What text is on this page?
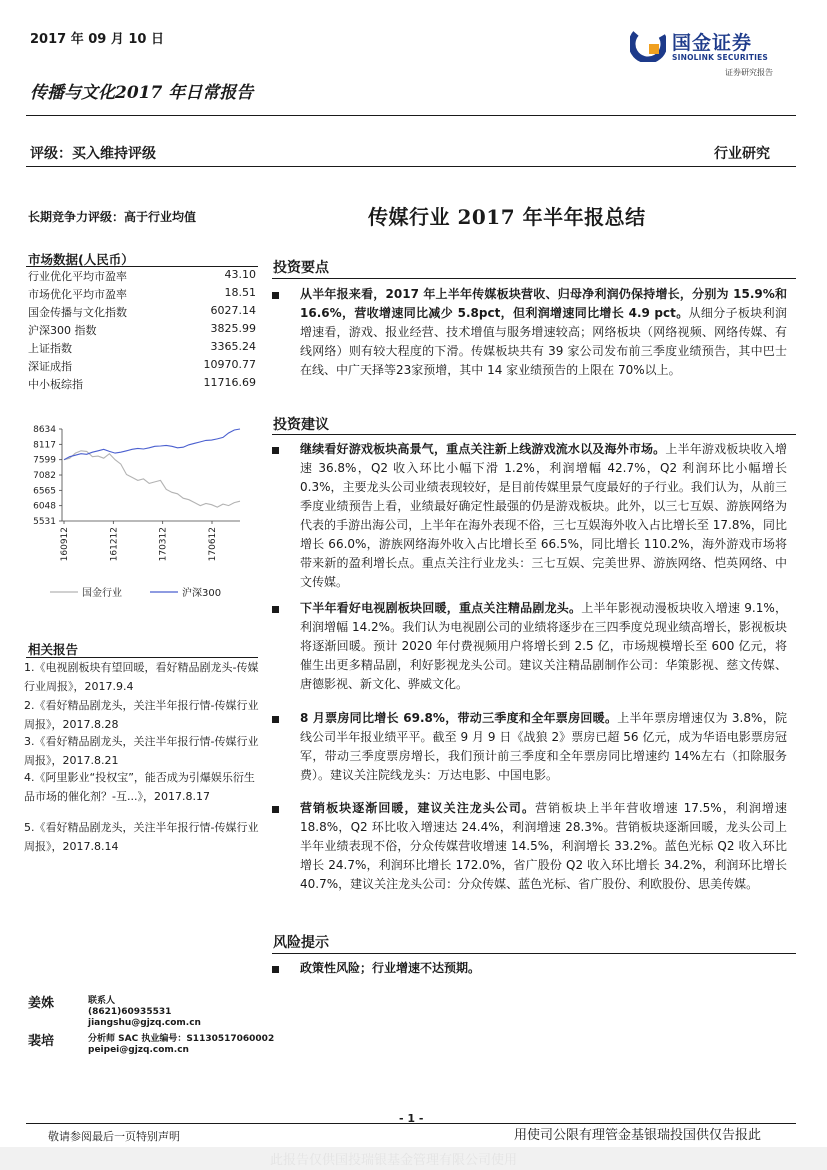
2017 年 09 月 10 日
传播与文化2017 年日常报告
国金证券
SINOLINK SECURITIES
证券研究报告
评级：买入维持评级	行业研究
长期竞争力评级：高于行业均值
市场数据(人民币）
行业优化平均市盈率	43.10
市场优化平均市盈率	18.51
国金传播与文化指数	6027.14
沪深300 指数	3825.99
上证指数	3365.24
深证成指	10970.77
中小板综指	11716.69
8634
8117
7599
7082
6565
6048
5531
160912	161212	170312	170612
国金行业	沪深300
相关报告
1.《电视剧板块有望回暖，看好精品剧龙头-传媒行业周报》，2017.9.4
2.《看好精品剧龙头，关注半年报行情-传媒行业周报》，2017.8.28
3.《看好精品剧龙头，关注半年报行情-传媒行业周报》，2017.8.21
4.《阿里影业“投权宝”，能否成为引爆娱乐衍生品市场的催化剂？-互...》，2017.8.17
5.《看好精品剧龙头，关注半年报行情-传媒行业周报》，2017.8.14
姜姝	联系人
(8621)60935531
jiangshu@gjzq.com.cn
裴培	分析师 SAC 执业编号：S1130517060002
peipei@gjzq.com.cn
传媒行业 2017 年半年报总结
投资要点
从半年报来看，2017 年上半年传媒板块营收、归母净利润仍保持增长，分别为 15.9%和 16.6%，营收增速同比减少 5.8pct，但利润增速同比增长 4.9 pct。从细分子板块利润增速看，游戏、报业经营、技术增值与服务增速较高；网络板块（网络视频、网络传媒、有线网络）则有较大程度的下滑。传媒板块共有 39 家公司发布前三季度业绩预告，其中巴士在线、中广天择等23家预增，其中 14 家业绩预告的上限在 70%以上。
投资建议
继续看好游戏板块高景气，重点关注新上线游戏流水以及海外市场。上半年游戏板块收入增速 36.8%，Q2 收入环比小幅下滑 1.2%，利润增幅 42.7%，Q2 利润环比小幅增长 0.3%，主要龙头公司业绩表现较好，是目前传媒里景气度最好的子行业。我们认为，从前三季度业绩预告上看，业绩最好确定性最强的仍是游戏板块。此外，以三七互娱、游族网络为代表的手游出海公司，上半年在海外表现不俗，三七互娱海外收入占比增长至 17.8%，同比增长 66.0%，游族网络海外收入占比增长至 66.5%，同比增长 110.2%，海外游戏市场将带来新的盈利增长点。重点关注行业龙头：三七互娱、完美世界、游族网络、恺英网络、中文传媒。
下半年看好电视剧板块回暖，重点关注精品剧龙头。上半年影视动漫板块收入增速 9.1%，利润增幅 14.2%。我们认为电视剧公司的业绩将逐步在三四季度兑现业绩高增长，影视板块将逐渐回暖。预计 2020 年付费视频用户将增长到 2.5 亿，市场规模增长至 600 亿元，将催生出更多精品剧，利好影视龙头公司。建议关注精品剧制作公司：华策影视、慈文传媒、唐德影视、新文化、骅威文化。
8 月票房同比增长 69.8%，带动三季度和全年票房回暖。上半年票房增速仅为 3.8%，院线公司半年报业绩平平。截至 9 月 9 日《战狼 2》票房已超 56 亿元，成为华语电影票房冠军，带动三季度票房增长，我们预计前三季度和全年票房同比增速约 14%左右（扣除服务费）。建议关注院线龙头：万达电影、中国电影。
营销板块逐渐回暖，建议关注龙头公司。营销板块上半年营收增速 17.5%，利润增速 18.8%，Q2 环比收入增速达 24.4%，利润增速 28.3%。营销板块逐渐回暖，龙头公司上半年业绩表现不俗，分众传媒营收增速 14.5%，利润增长 33.2%。蓝色光标 Q2 收入环比增长 24.7%，利润环比增长 172.0%，省广股份 Q2 收入环比增长 34.2%，利润环比增长 40.7%，建议关注龙头公司：分众传媒、蓝色光标、省广股份、利欧股份、思美传媒。
风险提示
政策性风险；行业增速不达预期。
- 1 -
敬请参阅最后一页特别声明	用使司公限有理管金基银瑞投国供仅告报此
此报告仅供国投瑞银基金管理有限公司使用
